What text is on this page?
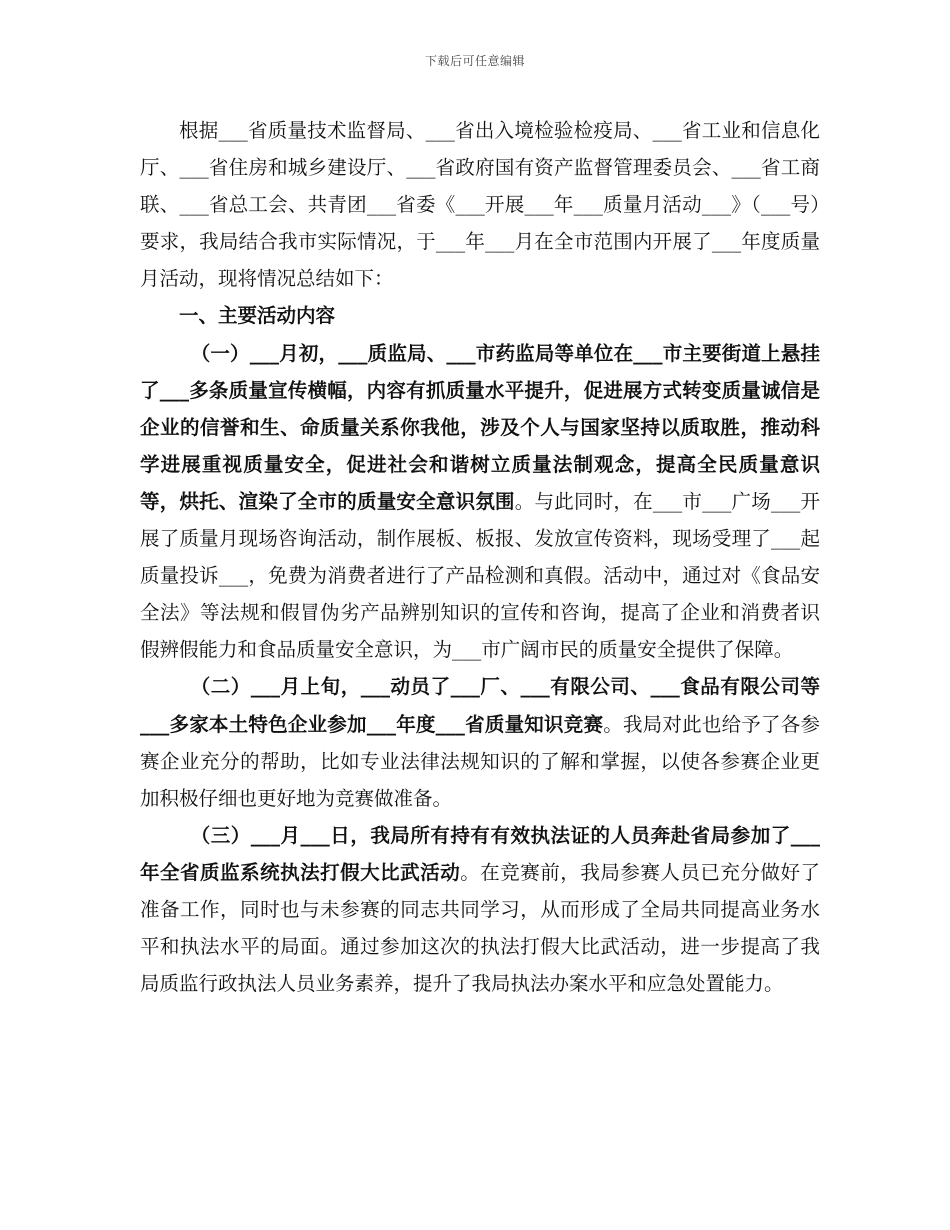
下载后可任意编辑

根据___省质量技术监督局、___省出入境检验检疫局、___省工业和信息化厅、___省住房和城乡建设厅、___省政府国有资产监督管理委员会、___省工商联、___省总工会、共青团___省委《___开展___年___质量月活动___》（___号）要求，我局结合我市实际情况，于___年___月在全市范围内开展了___年度质量月活动，现将情况总结如下：

一、主要活动内容

（一）___月初，___质监局、___市药监局等单位在___市主要街道上悬挂了___多条质量宣传横幅，内容有抓质量水平提升，促进展方式转变质量诚信是企业的信誉和生、命质量关系你我他，涉及个人与国家坚持以质取胜，推动科学进展重视质量安全，促进社会和谐树立质量法制观念，提高全民质量意识等，烘托、渲染了全市的质量安全意识氛围。与此同时，在___市___广场___开展了质量月现场咨询活动，制作展板、板报、发放宣传资料，现场受理了___起质量投诉___，免费为消费者进行了产品检测和真假。活动中，通过对《食品安全法》等法规和假冒伪劣产品辨别知识的宣传和咨询，提高了企业和消费者识假辨假能力和食品质量安全意识，为___市广阔市民的质量安全提供了保障。

（二）___月上旬，___动员了___厂、___有限公司、___食品有限公司等___多家本土特色企业参加___年度___省质量知识竞赛。我局对此也给予了各参赛企业充分的帮助，比如专业法律法规知识的了解和掌握，以使各参赛企业更加积极仔细也更好地为竞赛做准备。

（三）___月___日，我局所有持有有效执法证的人员奔赴省局参加了___年全省质监系统执法打假大比武活动。在竞赛前，我局参赛人员已充分做好了准备工作，同时也与未参赛的同志共同学习，从而形成了全局共同提高业务水平和执法水平的局面。通过参加这次的执法打假大比武活动，进一步提高了我局质监行政执法人员业务素养，提升了我局执法办案水平和应急处置能力。
